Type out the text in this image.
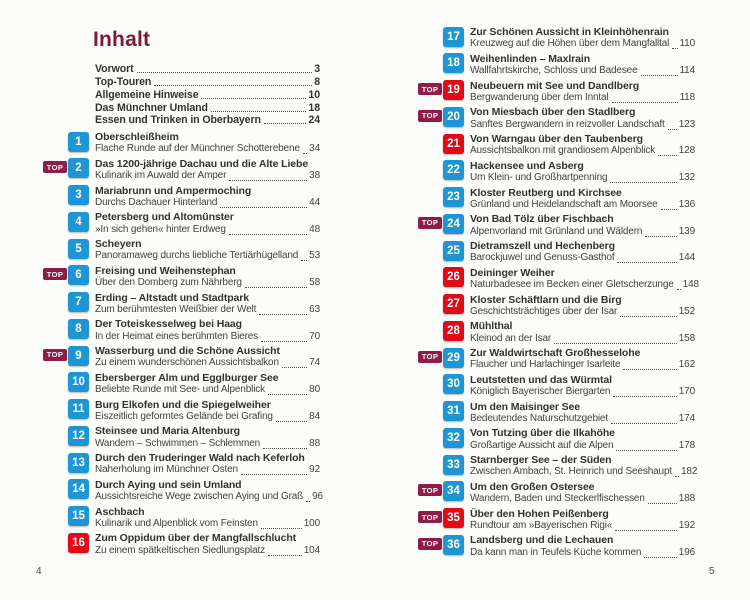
Inhalt
Vorwort	3
Top-Touren	8
Allgemeine Hinweise	10
Das Münchner Umland	18
Essen und Trinken in Oberbayern	24
1 Oberschleißheim
Flache Runde auf der Münchner Schotterebene 34
TOP	2 Das 1200-jährige Dachau und die Alte Liebe
Kulinarik im Auwald der Amper	38
3 Mariabrunn und Ampermoching
Durchs Dachauer Hinterland	44
4 Petersberg und Altomünster
»In sich gehen« hinter Erdweg	48
5 Scheyern
Panoramaweg durchs liebliche Tertiärhügelland 53
TOP	6 Freising und Weihenstephan
Über den Domberg zum Nährberg	58
7 Erding – Altstadt und Stadtpark
Zum berühmtesten Weißbier der Welt	63
8 Der Toteiskesselweg bei Haag
In der Heimat eines berühmten Bieres	70
TOP	9 Wasserburg und die Schöne Aussicht
Zu einem wunderschönen Aussichtsbalkon	74
10 Ebersberger Alm und Egglburger See
Beliebte Runde mit See- und Alpenblick	80
11 Burg Elkofen und die Spiegelweiher
Eiszeitlich geformtes Gelände bei Grafing	84
12 Steinsee und Maria Altenburg
Wandern – Schwimmen – Schlemmen	88
13 Durch den Truderinger Wald nach Keferloh
Naherholung im Münchner Osten	92
14 Durch Aying und sein Umland
Aussichtsreiche Wege zwischen Aying und Graß 96
15 Aschbach
Kulinarik und Alpenblick vom Feinsten	100
16 Zum Oppidum über der Mangfallschlucht
Zu einem spätkeltischen Siedlungsplatz	104
17 Zur Schönen Aussicht in Kleinhöhenrain
Kreuzweg auf die Höhen über dem Mangfalltal 110
18 Weihenlinden – Maxlrain
Wallfahrtskirche, Schloss und Badesee	114
TOP 19 Neubeuern mit See und Dandlberg
Bergwanderung über dem Inntal	118
TOP 20 Von Miesbach über den Stadlberg
Sanftes Bergwandern in reizvoller Landschaft 123
21 Von Warngau über den Taubenberg
Aussichtsbalkon mit grandiosem Alpenblick 128
22 Hackensee und Asberg
Um Klein- und Großhartpenning	132
23 Kloster Reutberg und Kirchsee
Grünland und Heidelandschaft am Moorsee 136
TOP 24 Von Bad Tölz über Fischbach
Alpenvorland mit Grünland und Wäldern	139
25 Dietramszell und Hechenberg
Barockjuwel und Genuss-Gasthof	144
26 Deininger Weiher
Naturbadesee im Becken einer Gletscherzunge 148
27 Kloster Schäftlarn und die Birg
Geschichtsträchtiges über der Isar	152
28 Mühlthal
Kleinod an der Isar	158
TOP 29 Zur Waldwirtschaft Großhesselohe
Flaucher und Harlachinger Isarleite	162
30 Leutstetten und das Würmtal
Königlich Bayerischer Biergarten	170
31 Um den Maisinger See
Bedeutendes Naturschutzgebiet	174
32 Von Tutzing über die Ilkahöhe
Großartige Aussicht auf die Alpen	178
33 Starnberger See – der Süden
Zwischen Ambach, St. Heinrich und Seeshaupt 182
TOP 34 Um den Großen Ostersee
Wandern, Baden und Steckerlfischessen	188
TOP 35 Über den Hohen Peißenberg
Rundtour am »Bayerischen Rigi«	192
TOP 36 Landsberg und die Lechauen
Da kann man in Teufels Küche kommen	196
4	5
